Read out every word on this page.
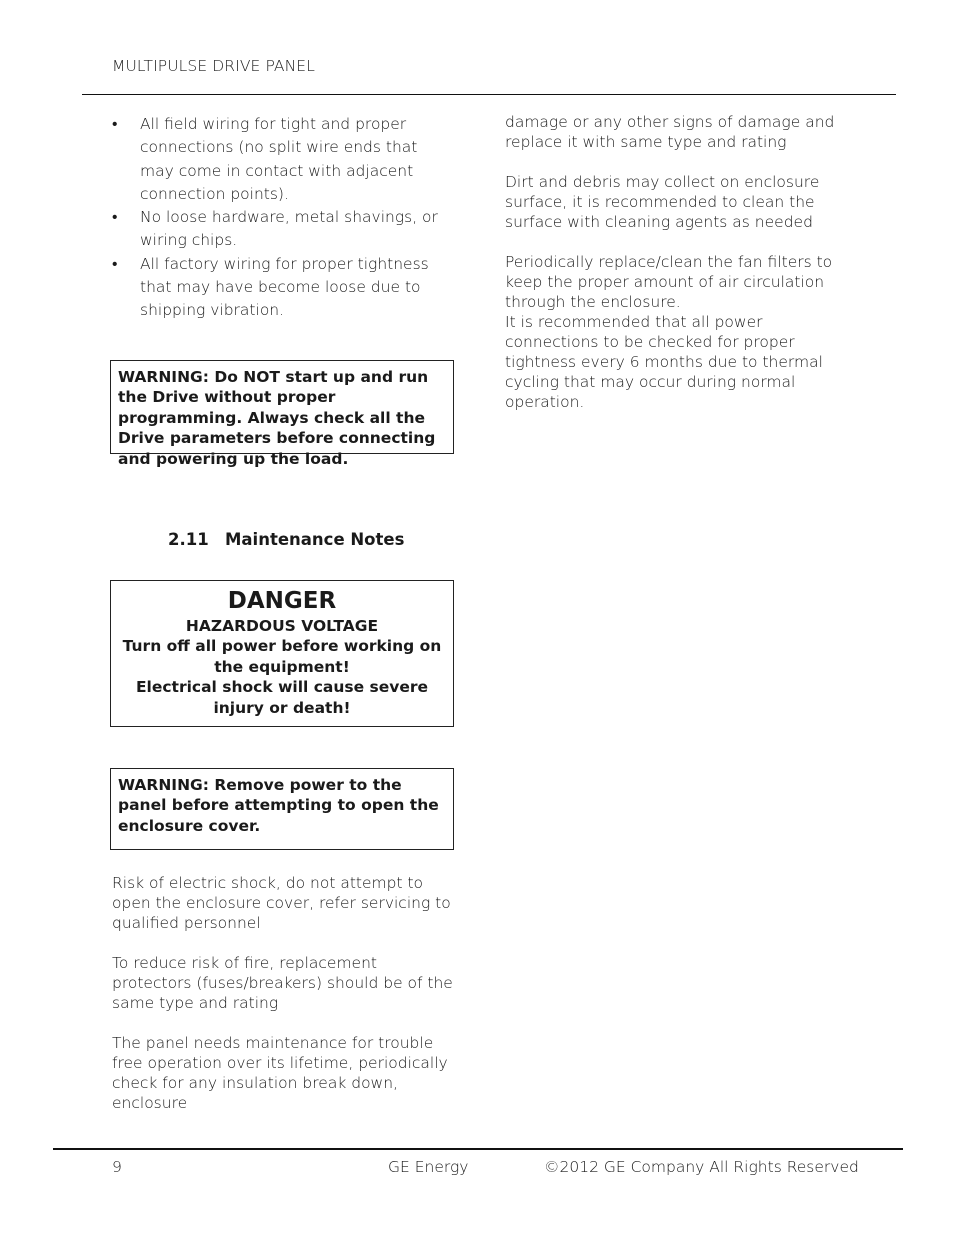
MULTIPULSE DRIVE PANEL
• All field wiring for tight and proper connections (no split wire ends that may come in contact with adjacent connection points).
• No loose hardware, metal shavings, or wiring chips.
• All factory wiring for proper tightness that may have become loose due to shipping vibration.
WARNING: Do NOT start up and run the Drive without proper programming. Always check all the Drive parameters before connecting and powering up the load.
2.11 Maintenance Notes
DANGER
HAZARDOUS VOLTAGE
Turn off all power before working on the equipment!
Electrical shock will cause severe injury or death!
WARNING: Remove power to the panel before attempting to open the enclosure cover.
Risk of electric shock, do not attempt to open the enclosure cover, refer servicing to qualified personnel
To reduce risk of fire, replacement protectors (fuses/breakers) should be of the same type and rating
The panel needs maintenance for trouble free operation over its lifetime, periodically check for any insulation break down, enclosure
damage or any other signs of damage and replace it with same type and rating
Dirt and debris may collect on enclosure surface, it is recommended to clean the surface with cleaning agents as needed
Periodically replace/clean the fan filters to keep the proper amount of air circulation through the enclosure.
It is recommended that all power connections to be checked for proper tightness every 6 months due to thermal cycling that may occur during normal operation.
9	GE Energy	©2012 GE Company All Rights Reserved
